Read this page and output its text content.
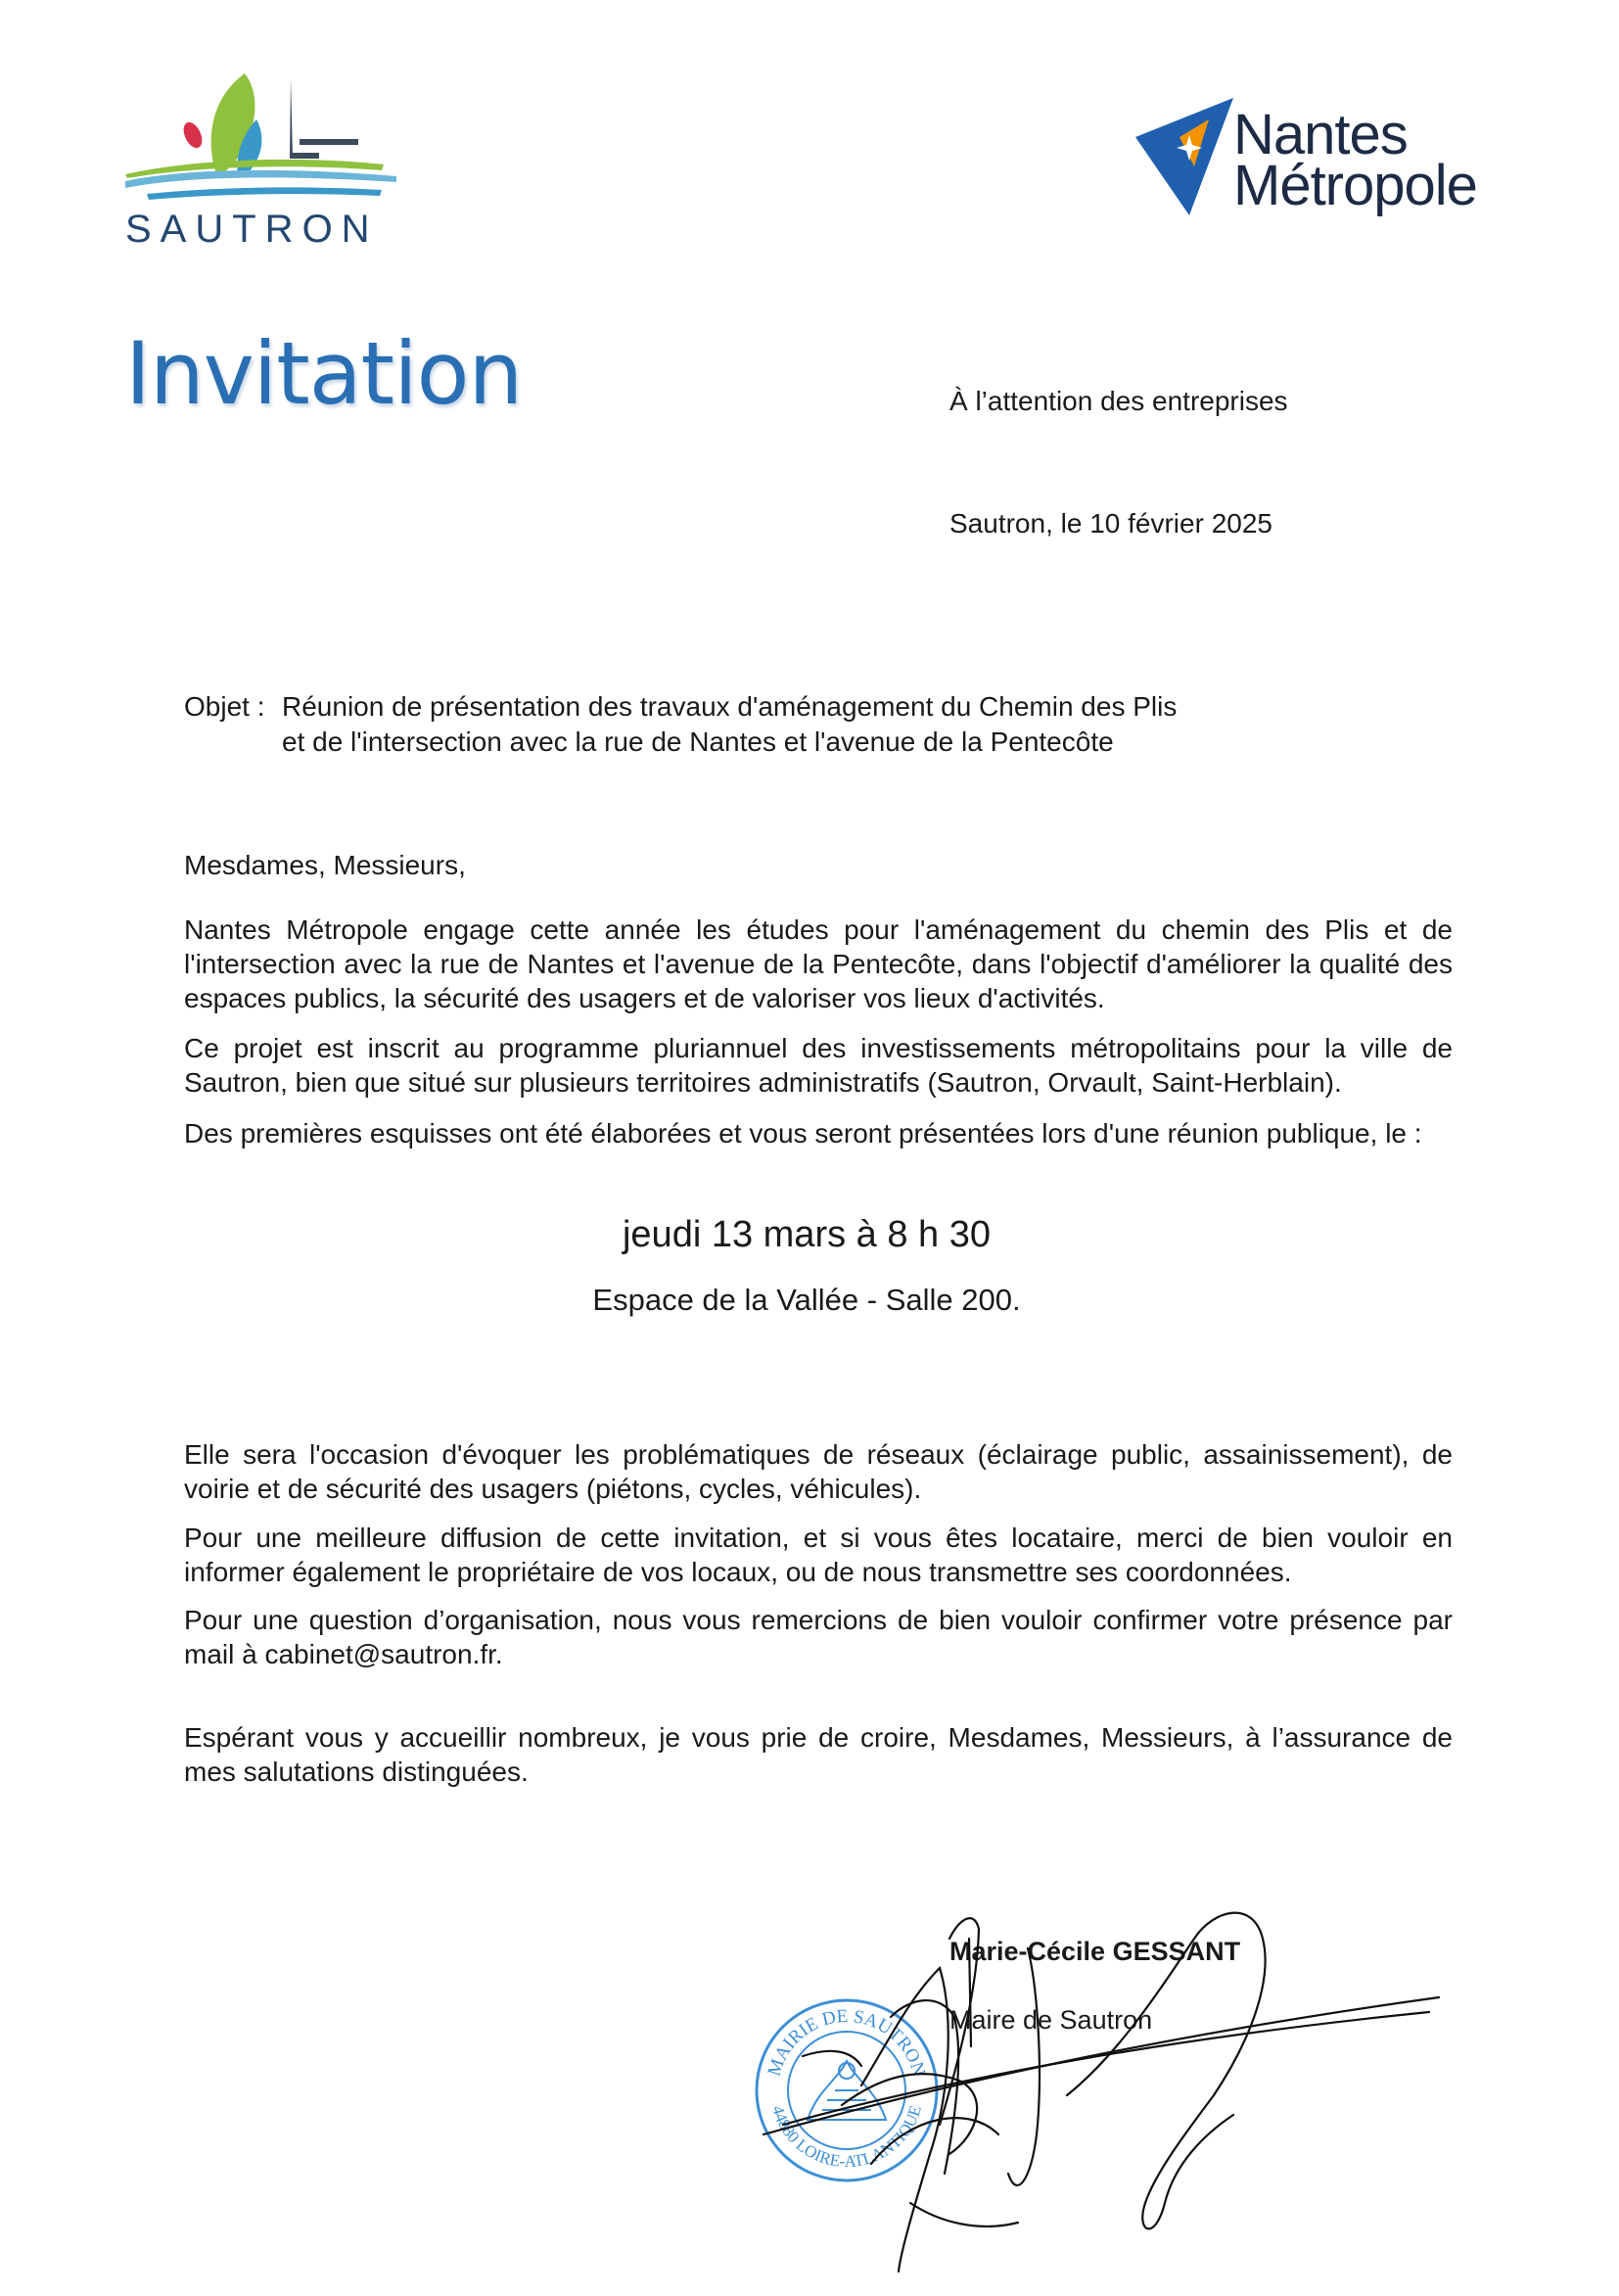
SAUTRON
Nantes
Métropole
Invitation	À l’attention des entreprises
Sautron, le 10 février 2025
Objet : Réunion de présentation des travaux d'aménagement du Chemin des Plis
et de l'intersection avec la rue de Nantes et l'avenue de la Pentecôte
Mesdames, Messieurs,
Nantes Métropole engage cette année les études pour l'aménagement du chemin des Plis et de l'intersection avec la rue de Nantes et l'avenue de la Pentecôte, dans l'objectif d'améliorer la qualité des espaces publics, la sécurité des usagers et de valoriser vos lieux d'activités.
Ce projet est inscrit au programme pluriannuel des investissements métropolitains pour la ville de Sautron, bien que situé sur plusieurs territoires administratifs (Sautron, Orvault, Saint-Herblain).
Des premières esquisses ont été élaborées et vous seront présentées lors d'une réunion publique, le :
jeudi 13 mars à 8 h 30
Espace de la Vallée - Salle 200.
Elle sera l'occasion d'évoquer les problématiques de réseaux (éclairage public, assainissement), de voirie et de sécurité des usagers (piétons, cycles, véhicules).
Pour une meilleure diffusion de cette invitation, et si vous êtes locataire, merci de bien vouloir en informer également le propriétaire de vos locaux, ou de nous transmettre ses coordonnées.
Pour une question d’organisation, nous vous remercions de bien vouloir confirmer votre présence par mail à cabinet@sautron.fr.
Espérant vous y accueillir nombreux, je vous prie de croire, Mesdames, Messieurs, à l’assurance de mes salutations distinguées.
Marie-Cécile GESSANT
Maire de Sautron
MAIRIE DE SAUTRON
44880 LOIRE-ATLANTIQUE
